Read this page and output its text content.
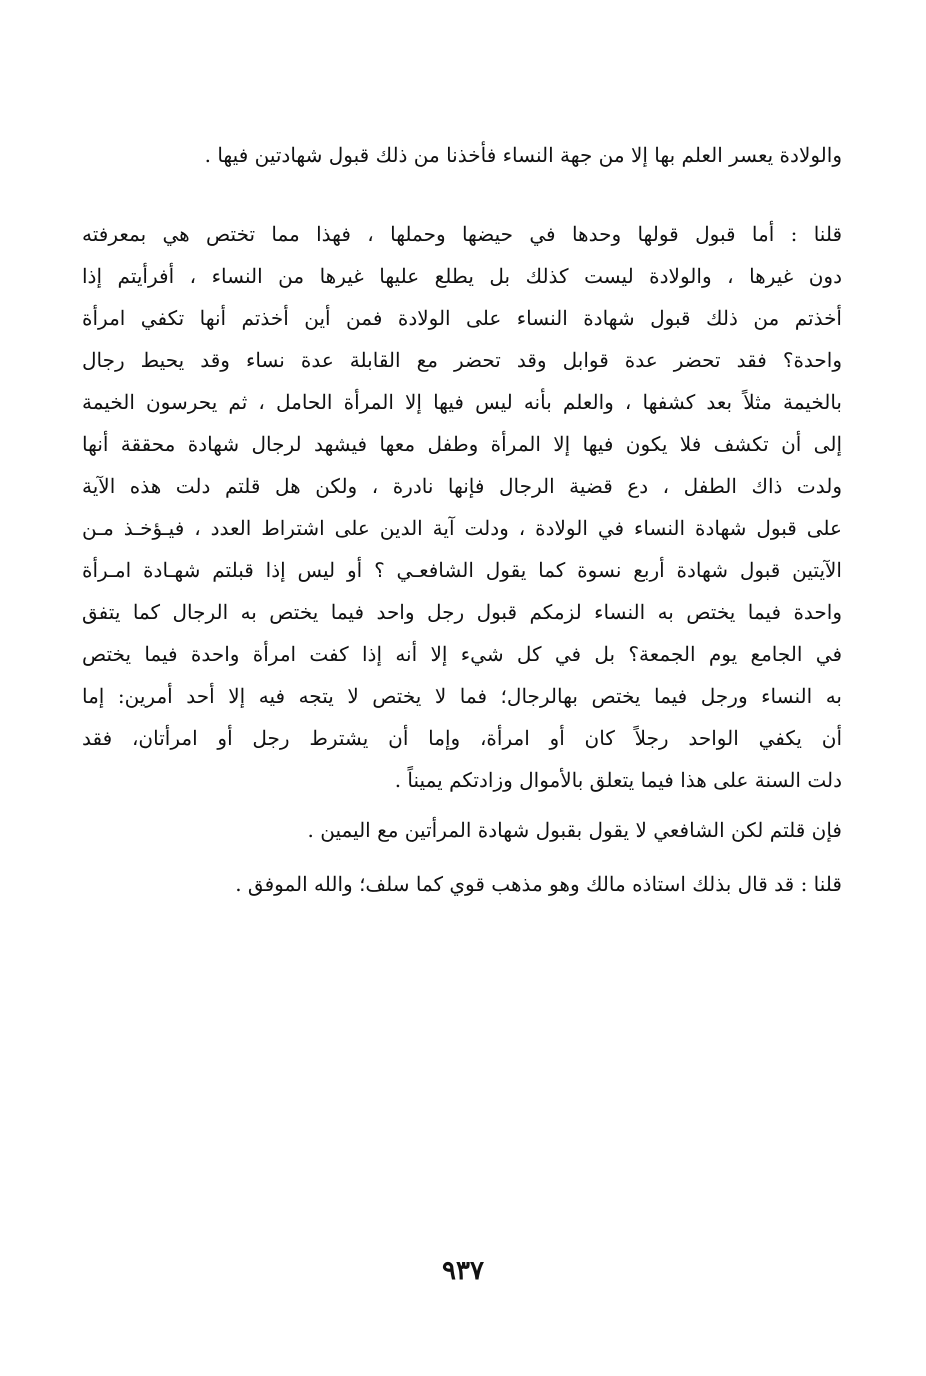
والولادة يعسر العلم بها إلا من جهة النساء فأخذنا من ذلك قبول شهادتين فيها .
قلنا : أما قبول قولها وحدها في حيضها وحملها ، فهذا مما تختص هي بمعرفته
دون غيرها ، والولادة ليست كذلك بل يطلع عليها غيرها من النساء ، أفرأيتم إذا
أخذتم من ذلك قبول شهادة النساء على الولادة فمن أين أخذتم أنها تكفي امرأة
واحدة؟ فقد تحضر عدة قوابل وقد تحضر مع القابلة عدة نساء وقد يحيط رجال
بالخيمة مثلاً بعد كشفها ، والعلم بأنه ليس فيها إلا المرأة الحامل ، ثم يحرسون الخيمة
إلى أن تكشف فلا يكون فيها إلا المرأة وطفل معها فيشهد لرجال شهادة محققة أنها
ولدت ذاك الطفل ، دع قضية الرجال فإنها نادرة ، ولكن هل قلتم دلت هذه الآية
على قبول شهادة النساء في الولادة ، ودلت آية الدين على اشتراط العدد ، فيـؤخـذ مـن
الآيتين قبول شهادة أربع نسوة كما يقول الشافعـي ؟ أو ليس إذا قبلتم شهـادة امـرأة
واحدة فيما يختص به النساء لزمكم قبول رجل واحد فيما يختص به الرجال كما يتفق
في الجامع يوم الجمعة؟ بل في كل شيء إلا أنه إذا كفت امرأة واحدة فيما يختص
به النساء ورجل فيما يختص بهالرجال؛ فما لا يختص لا يتجه فيه إلا أحد أمرين: إما
أن يكفي الواحد رجلاً كان أو امرأة، وإما أن يشترط رجل أو امرأتان، فقد
دلت السنة على هذا فيما يتعلق بالأموال وزادتكم يميناً .
فإن قلتم لكن الشافعي لا يقول بقبول شهادة المرأتين مع اليمين .
قلنا : قد قال بذلك استاذه مالك وهو مذهب قوي كما سلف؛ والله الموفق .
٩٣٧
